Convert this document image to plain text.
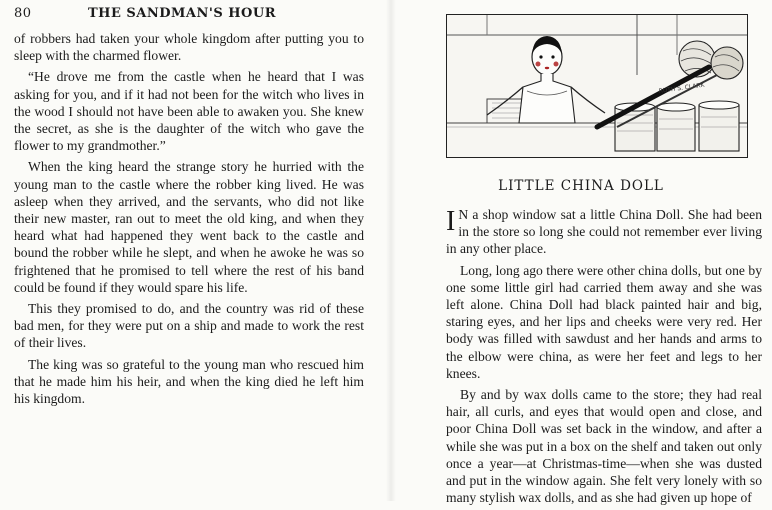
80	THE SANDMAN'S HOUR

of robbers had taken your whole kingdom after putting you to sleep with the charmed flower.

“He drove me from the castle when he heard that I was asking for you, and if it had not been for the witch who lives in the wood I should not have been able to awaken you. She knew the secret, as she is the daughter of the witch who gave the flower to my grandmother.”

When the king heard the strange story he hurried with the young man to the castle where the robber king lived. He was asleep when they arrived, and the servants, who did not like their new master, ran out to meet the old king, and when they heard what had happened they went back to the castle and bound the robber while he slept, and when he awoke he was so frightened that he promised to tell where the rest of his band could be found if they would spare his life.

This they promised to do, and the country was rid of these bad men, for they were put on a ship and made to work the rest of their lives.

The king was so grateful to the young man who rescued him that he made him his heir, and when the king died he left him his kingdom.

RUTH S. CLARK
LITTLE CHINA DOLL

I N a shop window sat a little China Doll. She had been in the store so long she could not remember ever living in any other place.

Long, long ago there were other china dolls, but one by one some little girl had carried them away and she was left alone. China Doll had black painted hair and big, staring eyes, and her lips and cheeks were very red. Her body was filled with sawdust and her hands and arms to the elbow were china, as were her feet and legs to her knees.

By and by wax dolls came to the store; they had real hair, all curls, and eyes that would open and close, and poor China Doll was set back in the window, and after a while she was put in a box on the shelf and taken out only once a year—at Christmas-time—when she was dusted and put in the window again. She felt very lonely with so many stylish wax dolls, and as she had given up hope of
